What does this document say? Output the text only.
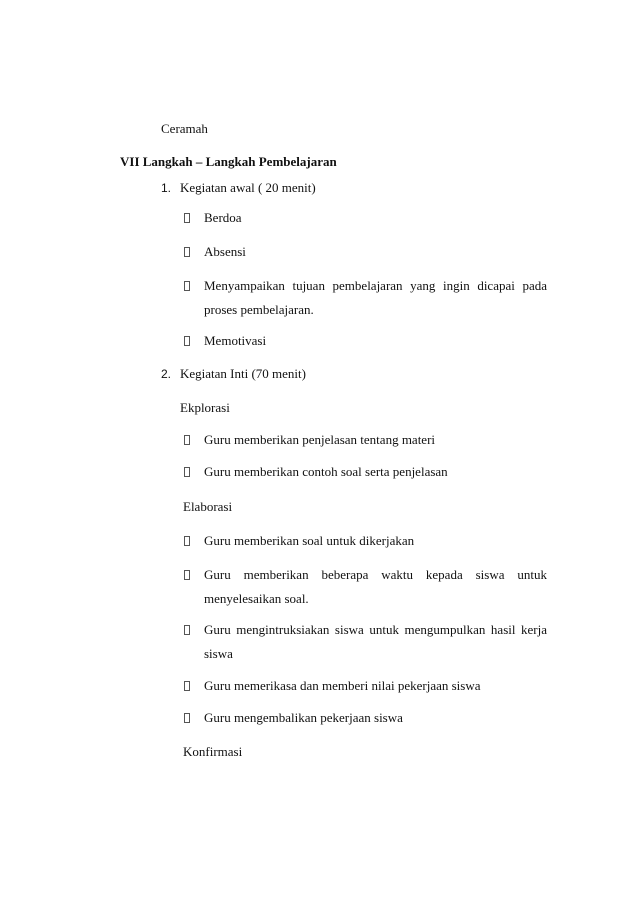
Ceramah
VII Langkah – Langkah Pembelajaran
1. Kegiatan awal ( 20 menit)
Berdoa
Absensi
Menyampaikan tujuan pembelajaran yang ingin dicapai pada
proses pembelajaran.
Memotivasi
2. Kegiatan Inti (70 menit)
Ekplorasi
Guru memberikan penjelasan tentang materi
Guru memberikan contoh soal serta penjelasan
Elaborasi
Guru memberikan soal untuk dikerjakan
Guru memberikan beberapa waktu kepada siswa untuk
menyelesaikan soal.
Guru mengintruksiakan siswa untuk mengumpulkan hasil kerja
siswa
Guru memerikasa dan memberi nilai pekerjaan siswa
Guru mengembalikan pekerjaan siswa
Konfirmasi
